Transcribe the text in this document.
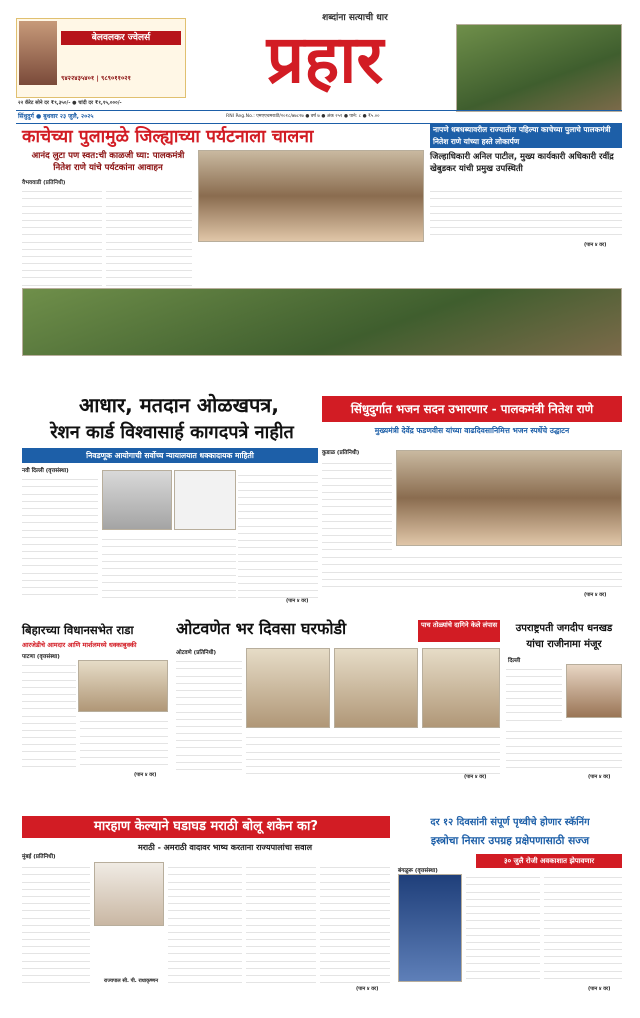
बेलवलकर ज्वेलर्स
९४२२४३५४०१ | ९८९०११०२१
२२ कॅरेट सोने दर ₹९,३५०/- ● चांदी दर ₹१,१५,०००/-
शब्दांना सत्याची धार
प्रहार
सिंधुदुर्ग ● बुधवार २३ जुलै, २०२५	RNI Reg.No.: एमएएचमराठी/२०१८/७७८२७ ● वर्ष ७ ● अंक २५१ ● पाने: ८ ● ₹५.००
काचेच्या पुलामुळे जिल्ह्याच्या पर्यटनाला चालना	नापणे धबधब्यावरील राज्यातील पहिल्या काचेच्या पुलाचे पालकमंत्री नितेश राणे यांच्या हस्ते लोकार्पण
आनंद लुटा पण स्वत:ची काळजी घ्या: पालकमंत्री नितेश राणे यांचे पर्यटकांना आवाहन
वैभववाडी (प्रतिनिधी)
जिल्हाधिकारी अनिल पाटील, मुख्य कार्यकारी अधिकारी रवींद्र खेबुडकर यांची प्रमुख उपस्थिती
(पान ४ वर)
आधार, मतदान ओळखपत्र,
रेशन कार्ड विश्वासार्ह कागदपत्रे नाहीत
निवडणूक आयोगाची सर्वोच्च न्यायालयात धक्कादायक माहिती
नवी दिल्ली (वृत्तसंस्था)
(पान ४ वर)
सिंधुदुर्गात भजन सदन उभारणार - पालकमंत्री नितेश राणे
मुख्यमंत्री देवेंद्र फडणवीस यांच्या वाढदिवसानिमित्त भजन स्पर्धेचे उद्घाटन
कुडाळ (प्रतिनिधी)
(पान ४ वर)
बिहारच्या विधानसभेत राडा
आरजेडीचे आमदार आणि मार्शलमध्ये धक्काबुक्की
पाटणा (वृत्तसंस्था)
(पान ४ वर)
ओटवणेत भर दिवसा घरफोडी	पाच तोळ्यांचे दागिने केले लंपास
ओटवणे (प्रतिनिधी)
(पान ४ वर)
उपराष्ट्रपती जगदीप धनखड
यांचा राजीनामा मंजूर
दिल्ली
(पान ४ वर)
मारहाण केल्याने घडाघड मराठी बोलू शकेन का?
मराठी - अमराठी वादावर भाष्य करताना राज्यपालांचा सवाल
मुंबई (प्रतिनिधी)
राज्यपाल सी. पी. राधाकृष्णन
(पान ४ वर)
दर १२ दिवसांनी संपूर्ण पृथ्वीचे होणार स्कॅनिंग
इस्त्रोचा निसार उपग्रह प्रक्षेपणासाठी सज्ज
३० जुलै रोजी अवकाशात झेपावणार
बंगळुरू (वृत्तसंस्था)
(पान ४ वर)
